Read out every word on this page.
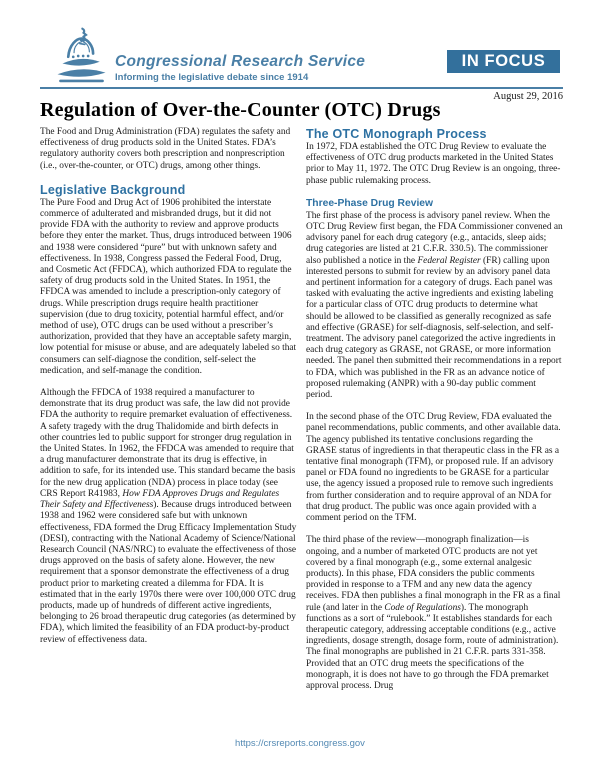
Congressional Research Service
Informing the legislative debate since 1914
IN FOCUS
August 29, 2016
Regulation of Over-the-Counter (OTC) Drugs

The Food and Drug Administration (FDA) regulates the safety and effectiveness of drug products sold in the United States. FDA’s regulatory authority covers both prescription and nonprescription (i.e., over-the-counter, or OTC) drugs, among other things.

Legislative Background

The Pure Food and Drug Act of 1906 prohibited the interstate commerce of adulterated and misbranded drugs, but it did not provide FDA with the authority to review and approve products before they enter the market. Thus, drugs introduced between 1906 and 1938 were considered “pure” but with unknown safety and effectiveness. In 1938, Congress passed the Federal Food, Drug, and Cosmetic Act (FFDCA), which authorized FDA to regulate the safety of drug products sold in the United States. In 1951, the FFDCA was amended to include a prescription-only category of drugs. While prescription drugs require health practitioner supervision (due to drug toxicity, potential harmful effect, and/or method of use), OTC drugs can be used without a prescriber’s authorization, provided that they have an acceptable safety margin, low potential for misuse or abuse, and are adequately labeled so that consumers can self-diagnose the condition, self-select the medication, and self-manage the condition.

Although the FFDCA of 1938 required a manufacturer to demonstrate that its drug product was safe, the law did not provide FDA the authority to require premarket evaluation of effectiveness. A safety tragedy with the drug Thalidomide and birth defects in other countries led to public support for stronger drug regulation in the United States. In 1962, the FFDCA was amended to require that a drug manufacturer demonstrate that its drug is effective, in addition to safe, for its intended use. This standard became the basis for the new drug application (NDA) process in place today (see CRS Report R41983, How FDA Approves Drugs and Regulates Their Safety and Effectiveness). Because drugs introduced between 1938 and 1962 were considered safe but with unknown effectiveness, FDA formed the Drug Efficacy Implementation Study (DESI), contracting with the National Academy of Science/National Research Council (NAS/NRC) to evaluate the effectiveness of those drugs approved on the basis of safety alone. However, the new requirement that a sponsor demonstrate the effectiveness of a drug product prior to marketing created a dilemma for FDA. It is estimated that in the early 1970s there were over 100,000 OTC drug products, made up of hundreds of different active ingredients, belonging to 26 broad therapeutic drug categories (as determined by FDA), which limited the feasibility of an FDA product-by-product review of effectiveness data.

The OTC Monograph Process

In 1972, FDA established the OTC Drug Review to evaluate the effectiveness of OTC drug products marketed in the United States prior to May 11, 1972. The OTC Drug Review is an ongoing, three-phase public rulemaking process.

Three-Phase Drug Review

The first phase of the process is advisory panel review. When the OTC Drug Review first began, the FDA Commissioner convened an advisory panel for each drug category (e.g., antacids, sleep aids; drug categories are listed at 21 C.F.R. 330.5). The commissioner also published a notice in the Federal Register (FR) calling upon interested persons to submit for review by an advisory panel data and pertinent information for a category of drugs. Each panel was tasked with evaluating the active ingredients and existing labeling for a particular class of OTC drug products to determine what should be allowed to be classified as generally recognized as safe and effective (GRASE) for self-diagnosis, self-selection, and self-treatment. The advisory panel categorized the active ingredients in each drug category as GRASE, not GRASE, or more information needed. The panel then submitted their recommendations in a report to FDA, which was published in the FR as an advance notice of proposed rulemaking (ANPR) with a 90-day public comment period.

In the second phase of the OTC Drug Review, FDA evaluated the panel recommendations, public comments, and other available data. The agency published its tentative conclusions regarding the GRASE status of ingredients in that therapeutic class in the FR as a tentative final monograph (TFM), or proposed rule. If an advisory panel or FDA found no ingredients to be GRASE for a particular use, the agency issued a proposed rule to remove such ingredients from further consideration and to require approval of an NDA for that drug product. The public was once again provided with a comment period on the TFM.

The third phase of the review—monograph finalization—is ongoing, and a number of marketed OTC products are not yet covered by a final monograph (e.g., some external analgesic products). In this phase, FDA considers the public comments provided in response to a TFM and any new data the agency receives. FDA then publishes a final monograph in the FR as a final rule (and later in the Code of Regulations). The monograph functions as a sort of “rulebook.” It establishes standards for each therapeutic category, addressing acceptable conditions (e.g., active ingredients, dosage strength, dosage form, route of administration). The final monographs are published in 21 C.F.R. parts 331-358. Provided that an OTC drug meets the specifications of the monograph, it is does not have to go through the FDA premarket approval process. Drug

https://crsreports.congress.gov
